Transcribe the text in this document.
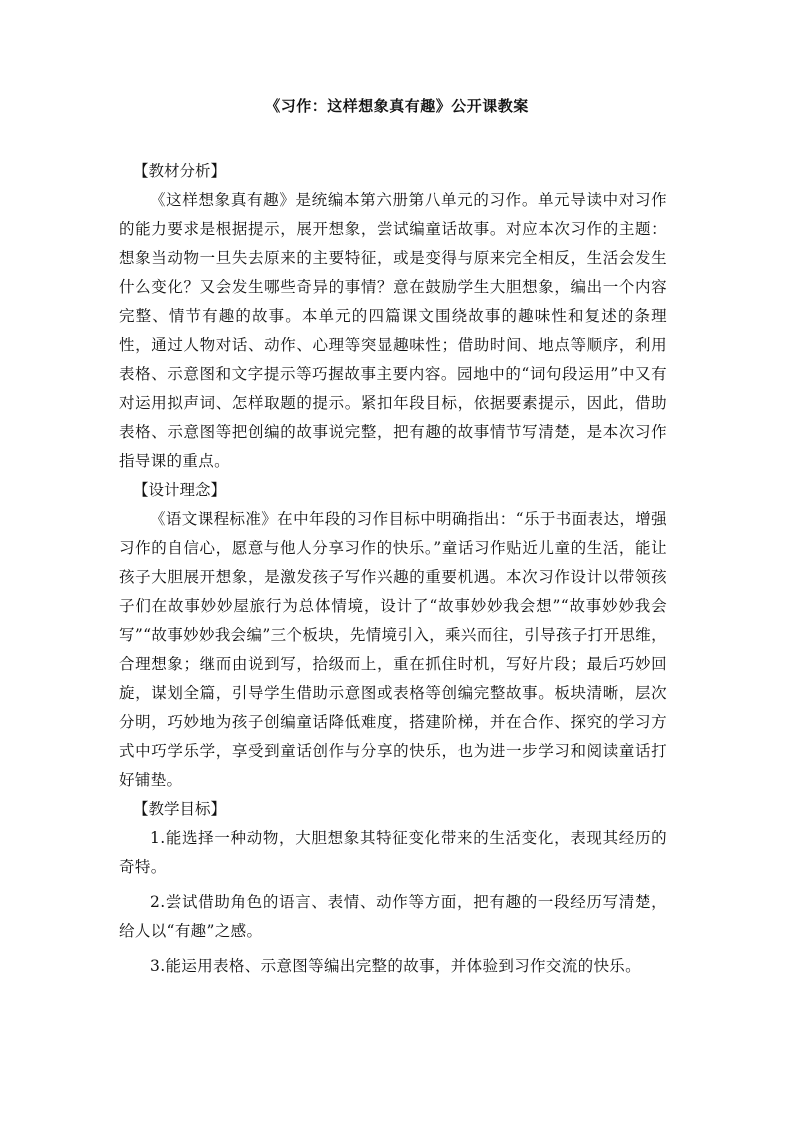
《习作：这样想象真有趣》公开课教案

【教材分析】

《这样想象真有趣》是统编本第六册第八单元的习作。单元导读中对习作的能力要求是根据提示，展开想象，尝试编童话故事。对应本次习作的主题：想象当动物一旦失去原来的主要特征，或是变得与原来完全相反，生活会发生什么变化？又会发生哪些奇异的事情？意在鼓励学生大胆想象，编出一个内容完整、情节有趣的故事。本单元的四篇课文围绕故事的趣味性和复述的条理性，通过人物对话、动作、心理等突显趣味性；借助时间、地点等顺序，利用表格、示意图和文字提示等巧握故事主要内容。园地中的“词句段运用”中又有对运用拟声词、怎样取题的提示。紧扣年段目标，依据要素提示，因此，借助表格、示意图等把创编的故事说完整，把有趣的故事情节写清楚，是本次习作指导课的重点。

【设计理念】

《语文课程标准》在中年段的习作目标中明确指出：“乐于书面表达，增强习作的自信心，愿意与他人分享习作的快乐。”童话习作贴近儿童的生活，能让孩子大胆展开想象，是激发孩子写作兴趣的重要机遇。本次习作设计以带领孩子们在故事妙妙屋旅行为总体情境，设计了“故事妙妙我会想”“故事妙妙我会写”“故事妙妙我会编”三个板块，先情境引入，乘兴而往，引导孩子打开思维，合理想象；继而由说到写，拾级而上，重在抓住时机，写好片段；最后巧妙回旋，谋划全篇，引导学生借助示意图或表格等创编完整故事。板块清晰，层次分明，巧妙地为孩子创编童话降低难度，搭建阶梯，并在合作、探究的学习方式中巧学乐学，享受到童话创作与分享的快乐，也为进一步学习和阅读童话打好铺垫。

【教学目标】

1.能选择一种动物，大胆想象其特征变化带来的生活变化，表现其经历的奇特。

2.尝试借助角色的语言、表情、动作等方面，把有趣的一段经历写清楚，给人以“有趣”之感。

3.能运用表格、示意图等编出完整的故事，并体验到习作交流的快乐。
